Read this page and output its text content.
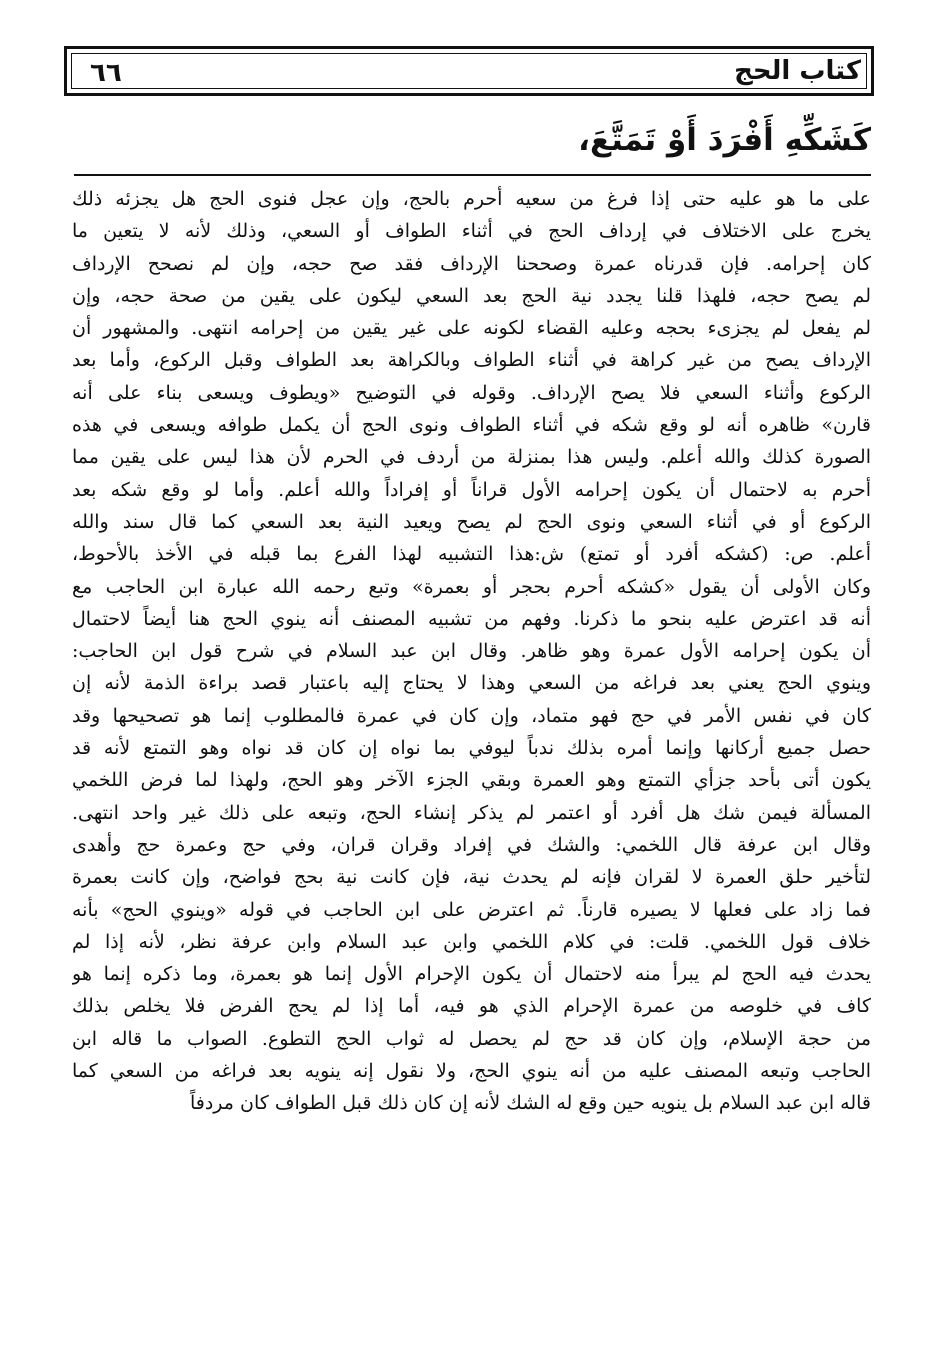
٦٦	كتاب الحج
كَشَكِّهِ أَفْرَدَ أَوْ تَمَتَّعَ،
على ما هو عليه حتى إذا فرغ من سعيه أحرم بالحج، وإن عجل فنوى الحج هل يجزئه ذلك
يخرج على الاختلاف في إرداف الحج في أثناء الطواف أو السعي، وذلك لأنه لا يتعين ما
كان إحرامه. فإن قدرناه عمرة وصححنا الإرداف فقد صح حجه، وإن لم نصحح الإرداف
لم يصح حجه، فلهذا قلنا يجدد نية الحج بعد السعي ليكون على يقين من صحة حجه، وإن
لم يفعل لم يجزىء بحجه وعليه القضاء لكونه على غير يقين من إحرامه انتهى. والمشهور أن
الإرداف يصح من غير كراهة في أثناء الطواف وبالكراهة بعد الطواف وقبل الركوع، وأما بعد
الركوع وأثناء السعي فلا يصح الإرداف. وقوله في التوضيح «ويطوف ويسعى بناء على أنه
قارن» ظاهره أنه لو وقع شكه في أثناء الطواف ونوى الحج أن يكمل طوافه ويسعى في هذه
الصورة كذلك والله أعلم. وليس هذا بمنزلة من أردف في الحرم لأن هذا ليس على يقين مما
أحرم به لاحتمال أن يكون إحرامه الأول قراناً أو إفراداً والله أعلم. وأما لو وقع شكه بعد
الركوع أو في أثناء السعي ونوى الحج لم يصح ويعيد النية بعد السعي كما قال سند والله
أعلم. ص: (كشكه أفرد أو تمتع) ش:هذا التشبيه لهذا الفرع بما قبله في الأخذ بالأحوط،
وكان الأولى أن يقول «كشكه أحرم بحجر أو بعمرة» وتبع رحمه الله عبارة ابن الحاجب مع
أنه قد اعترض عليه بنحو ما ذكرنا. وفهم من تشبيه المصنف أنه ينوي الحج هنا أيضاً لاحتمال
أن يكون إحرامه الأول عمرة وهو ظاهر. وقال ابن عبد السلام في شرح قول ابن الحاجب:
وينوي الحج يعني بعد فراغه من السعي وهذا لا يحتاج إليه باعتبار قصد براءة الذمة لأنه إن
كان في نفس الأمر في حج فهو متماد، وإن كان في عمرة فالمطلوب إنما هو تصحيحها وقد
حصل جميع أركانها وإنما أمره بذلك ندباً ليوفي بما نواه إن كان قد نواه وهو التمتع لأنه قد
يكون أتى بأحد جزأي التمتع وهو العمرة وبقي الجزء الآخر وهو الحج، ولهذا لما فرض اللخمي
المسألة فيمن شك هل أفرد أو اعتمر لم يذكر إنشاء الحج، وتبعه على ذلك غير واحد انتهى.
وقال ابن عرفة قال اللخمي: والشك في إفراد وقران قران، وفي حج وعمرة حج وأهدى
لتأخير حلق العمرة لا لقران فإنه لم يحدث نية، فإن كانت نية بحج فواضح، وإن كانت بعمرة
فما زاد على فعلها لا يصيره قارناً. ثم اعترض على ابن الحاجب في قوله «وينوي الحج» بأنه
خلاف قول اللخمي. قلت: في كلام اللخمي وابن عبد السلام وابن عرفة نظر، لأنه إذا لم
يحدث فيه الحج لم يبرأ منه لاحتمال أن يكون الإحرام الأول إنما هو بعمرة، وما ذكره إنما هو
كاف في خلوصه من عمرة الإحرام الذي هو فيه، أما إذا لم يحج الفرض فلا يخلص بذلك
من حجة الإسلام، وإن كان قد حج لم يحصل له ثواب الحج التطوع. الصواب ما قاله ابن
الحاجب وتبعه المصنف عليه من أنه ينوي الحج، ولا نقول إنه ينويه بعد فراغه من السعي كما
قاله ابن عبد السلام بل ينويه حين وقع له الشك لأنه إن كان ذلك قبل الطواف كان مردفاً
